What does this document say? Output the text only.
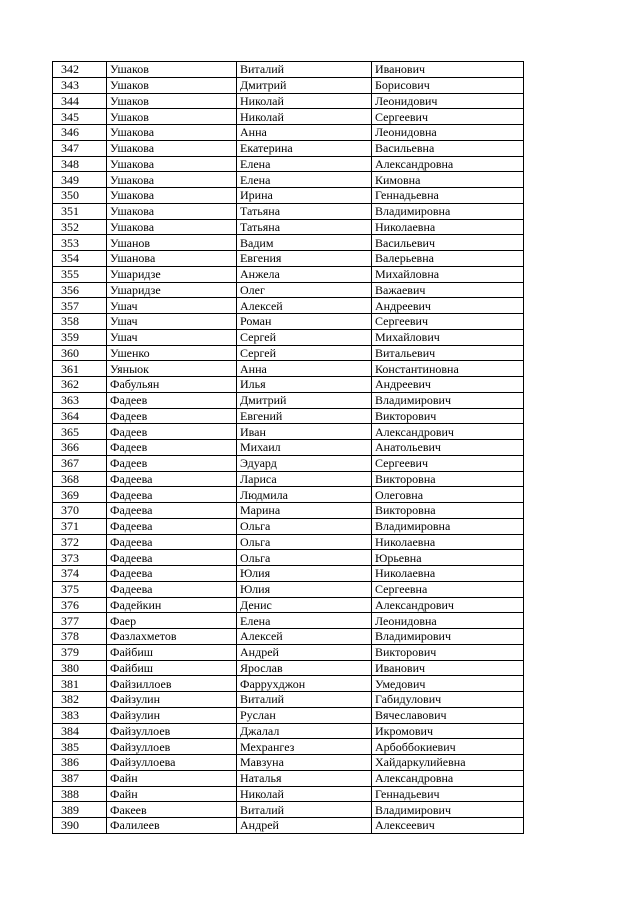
342	Ушаков	Виталий	Иванович
343	Ушаков	Дмитрий	Борисович
344	Ушаков	Николай	Леонидович
345	Ушаков	Николай	Сергеевич
346	Ушакова	Анна	Леонидовна
347	Ушакова	Екатерина	Васильевна
348	Ушакова	Елена	Александровна
349	Ушакова	Елена	Кимовна
350	Ушакова	Ирина	Геннадьевна
351	Ушакова	Татьяна	Владимировна
352	Ушакова	Татьяна	Николаевна
353	Ушанов	Вадим	Васильевич
354	Ушанова	Евгения	Валерьевна
355	Ушаридзе	Анжела	Михайловна
356	Ушаридзе	Олег	Важаевич
357	Ушач	Алексей	Андреевич
358	Ушач	Роман	Сергеевич
359	Ушач	Сергей	Михайлович
360	Ушенко	Сергей	Витальевич
361	Уяныок	Анна	Константиновна
362	Фабульян	Илья	Андреевич
363	Фадеев	Дмитрий	Владимирович
364	Фадеев	Евгений	Викторович
365	Фадеев	Иван	Александрович
366	Фадеев	Михаил	Анатольевич
367	Фадеев	Эдуард	Сергеевич
368	Фадеева	Лариса	Викторовна
369	Фадеева	Людмила	Олеговна
370	Фадеева	Марина	Викторовна
371	Фадеева	Ольга	Владимировна
372	Фадеева	Ольга	Николаевна
373	Фадеева	Ольга	Юрьевна
374	Фадеева	Юлия	Николаевна
375	Фадеева	Юлия	Сергеевна
376	Фадейкин	Денис	Александрович
377	Фаер	Елена	Леонидовна
378	Фазлахметов	Алексей	Владимирович
379	Файбиш	Андрей	Викторович
380	Файбиш	Ярослав	Иванович
381	Файзиллоев	Фаррухджон	Умедович
382	Файзулин	Виталий	Габидулович
383	Файзулин	Руслан	Вячеславович
384	Файзуллоев	Джалал	Икромович
385	Файзуллоев	Мехрангез	Арбоббокиевич
386	Файзуллоева	Мавзуна	Хайдаркулийевна
387	Файн	Наталья	Александровна
388	Файн	Николай	Геннадьевич
389	Факеев	Виталий	Владимирович
390	Фалилеев	Андрей	Алексеевич
